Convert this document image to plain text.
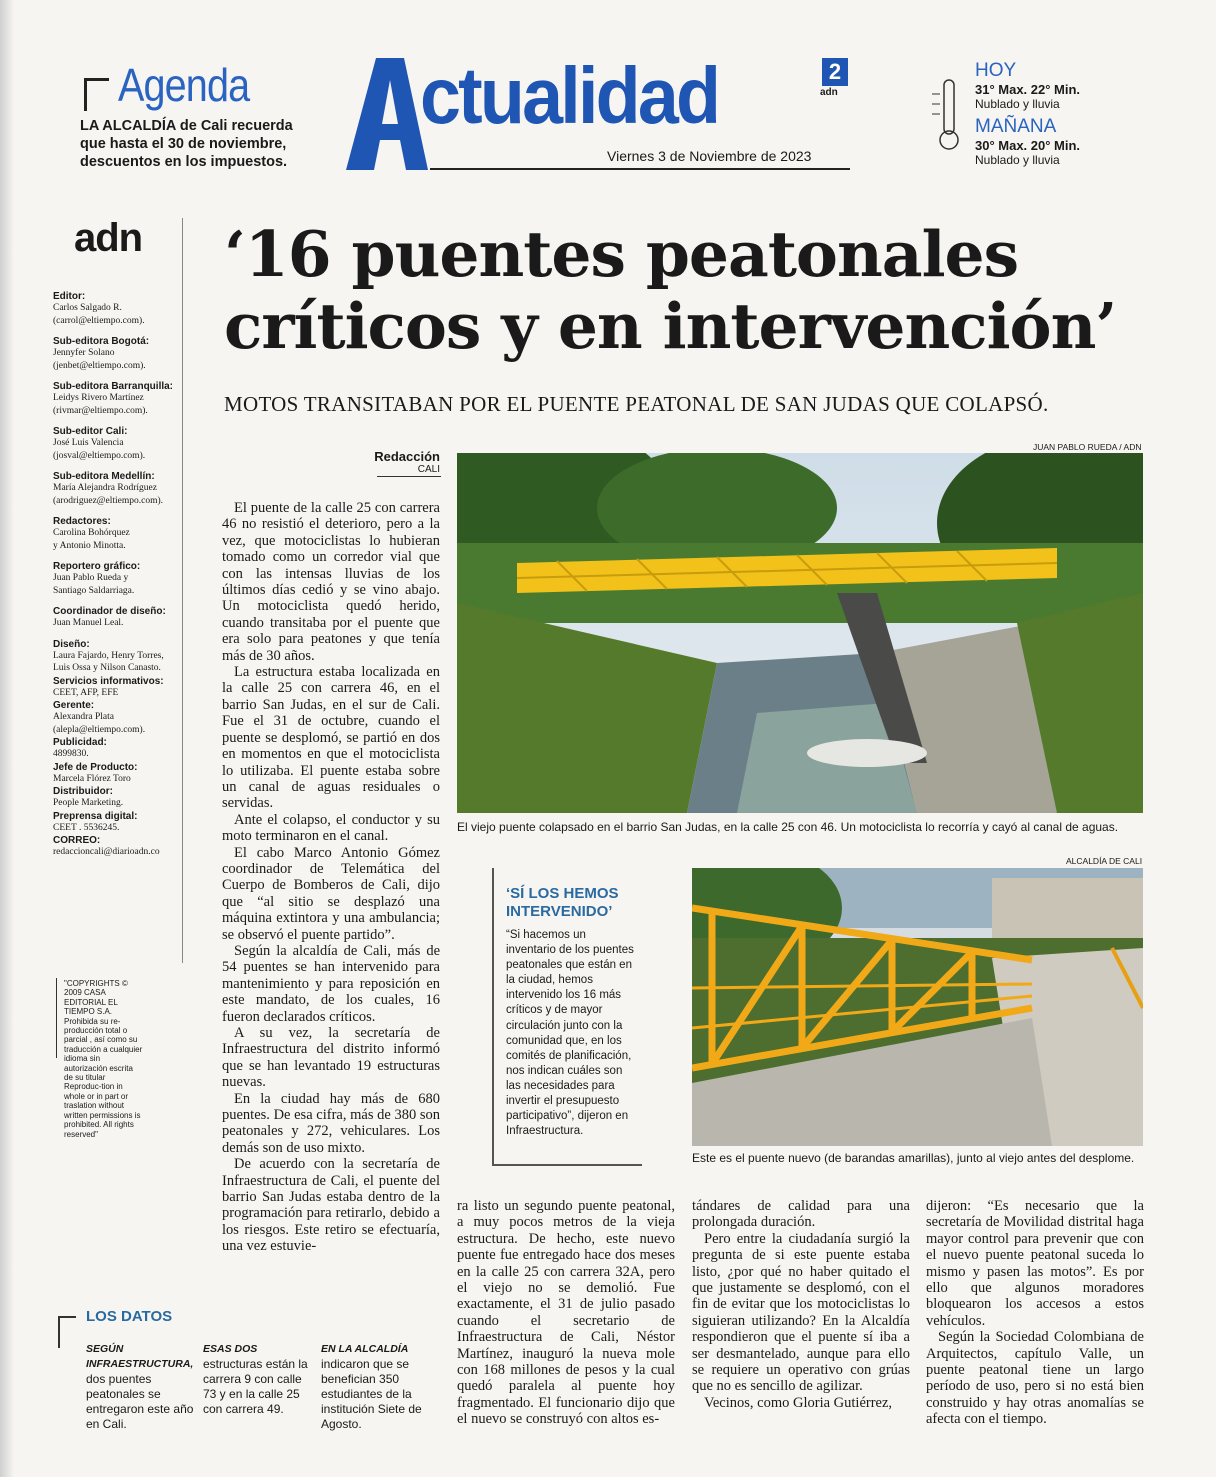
Agenda
LA ALCALDÍA de Cali recuerda que hasta el 30 de noviembre, descuentos en los impuestos.
ctualidad	2
adn
Viernes 3 de Noviembre de 2023
HOY
31° Max. 22° Min.
Nublado y lluvia
MAÑANA
30° Max. 20° Min.
Nublado y lluvia
adn
Editor:
Carlos Salgado R.
(carrol@eltiempo.com).
Sub-editora Bogotá:
Jennyfer Solano
(jenbet@eltiempo.com).
Sub-editora Barranquilla:
Leidys Rivero Martínez
(rivmar@eltiempo.com).
Sub-editor Cali:
José Luis Valencia
(josval@eltiempo.com).
Sub-editora Medellín:
María Alejandra Rodríguez
(arodriguez@eltiempo.com).
Redactores:
Carolina Bohórquez
y Antonio Minotta.
Reportero gráfico:
Juan Pablo Rueda y
Santiago Saldarriaga.
Coordinador de diseño:
Juan Manuel Leal.
Diseño:
Laura Fajardo, Henry Torres,
Luis Ossa y Nilson Canasto.
Servicios informativos:
CEET, AFP, EFE
Gerente:
Alexandra Plata
(alepla@eltiempo.com).
Publicidad:
4899830.
Jefe de Producto:
Marcela Flórez Toro
Distribuidor:
People Marketing.
Preprensa digital:
CEET . 5536245.
CORREO:
redaccioncali@diarioadn.co
"COPYRIGHTS © 2009 CASA EDITORIAL EL TIEMPO S.A. Prohibida su re-producción total o parcial , así como su traducción a cualquier idioma sin autorización escrita de su titular Reproduc-tion in whole or in part or traslation without written permissions is prohibited. All rights reserved"
‘16 puentes peatonales
críticos y en intervención’
MOTOS TRANSITABAN POR EL PUENTE PEATONAL DE SAN JUDAS QUE COLAPSÓ.
Redacción
CALI

El puente de la calle 25 con carrera 46 no resistió el deterioro, pero a la vez, que motociclistas lo hubieran tomado como un corredor vial que con las intensas lluvias de los últimos días cedió y se vino abajo. Un motociclista quedó herido, cuando transitaba por el puente que era solo para peatones y que tenía más de 30 años.

La estructura estaba localizada en la calle 25 con carrera 46, en el barrio San Judas, en el sur de Cali. Fue el 31 de octubre, cuando el puente se desplomó, se partió en dos en momentos en que el motociclista lo utilizaba. El puente estaba sobre un canal de aguas residuales o servidas.

Ante el colapso, el conductor y su moto terminaron en el canal.

El cabo Marco Antonio Gómez coordinador de Telemática del Cuerpo de Bomberos de Cali, dijo que “al sitio se desplazó una máquina extintora y una ambulancia; se observó el puente partido”.

Según la alcaldía de Cali, más de 54 puentes se han intervenido para mantenimiento y para reposición en este mandato, de los cuales, 16 fueron declarados críticos.

A su vez, la secretaría de Infraestructura del distrito informó que se han levantado 19 estructuras nuevas.

En la ciudad hay más de 680 puentes. De esa cifra, más de 380 son peatonales y 272, vehiculares. Los demás son de uso mixto.

De acuerdo con la secretaría de Infraestructura de Cali, el puente del barrio San Judas estaba dentro de la programación para retirarlo, debido a los riesgos. Este retiro se efectuaría, una vez estuvie-

ra listo un segundo puente peatonal, a muy pocos metros de la vieja estructura. De hecho, este nuevo puente fue entregado hace dos meses en la calle 25 con carrera 32A, pero el viejo no se demolió. Fue exactamente, el 31 de julio pasado cuando el secretario de Infraestructura de Cali, Néstor Martínez, inauguró la nueva mole con 168 millones de pesos y la cual quedó paralela al puente hoy fragmentado. El funcionario dijo que el nuevo se construyó con altos es-

tándares de calidad para una prolongada duración.

Pero entre la ciudadanía surgió la pregunta de si este puente estaba listo, ¿por qué no haber quitado el que justamente se desplomó, con el fin de evitar que los motociclistas lo siguieran utilizando? En la Alcaldía respondieron que el puente sí iba a ser desmantelado, aunque para ello se requiere un operativo con grúas que no es sencillo de agilizar.

Vecinos, como Gloria Gutiérrez,

dijeron: “Es necesario que la secretaría de Movilidad distrital haga mayor control para prevenir que con el nuevo puente peatonal suceda lo mismo y pasen las motos”. Es por ello que algunos moradores bloquearon los accesos a estos vehículos.

Según la Sociedad Colombiana de Arquitectos, capítulo Valle, un puente peatonal tiene un largo período de uso, pero si no está bien construido y hay otras anomalías se afecta con el tiempo.

JUAN PABLO RUEDA / ADN
El viejo puente colapsado en el barrio San Judas, en la calle 25 con 46. Un motociclista lo recorría y cayó al canal de aguas.
‘SÍ LOS HEMOS INTERVENIDO’
“Si hacemos un inventario de los puentes peatonales que están en la ciudad, hemos intervenido los 16 más críticos y de mayor circulación junto con la comunidad que, en los comités de planificación, nos indican cuáles son las necesidades para invertir el presupuesto participativo”, dijeron en Infraestructura.
ALCALDÍA DE CALI
Este es el puente nuevo (de barandas amarillas), junto al viejo antes del desplome.
LOS DATOS
SEGÚN INFRAESTRUCTURA,
dos puentes peatonales se entregaron este año en Cali.
ESAS DOS
estructuras están la carrera 9 con calle 73 y en la calle 25 con carrera 49.
EN LA ALCALDÍA
indicaron que se benefician 350 estudiantes de la institución Siete de Agosto.
